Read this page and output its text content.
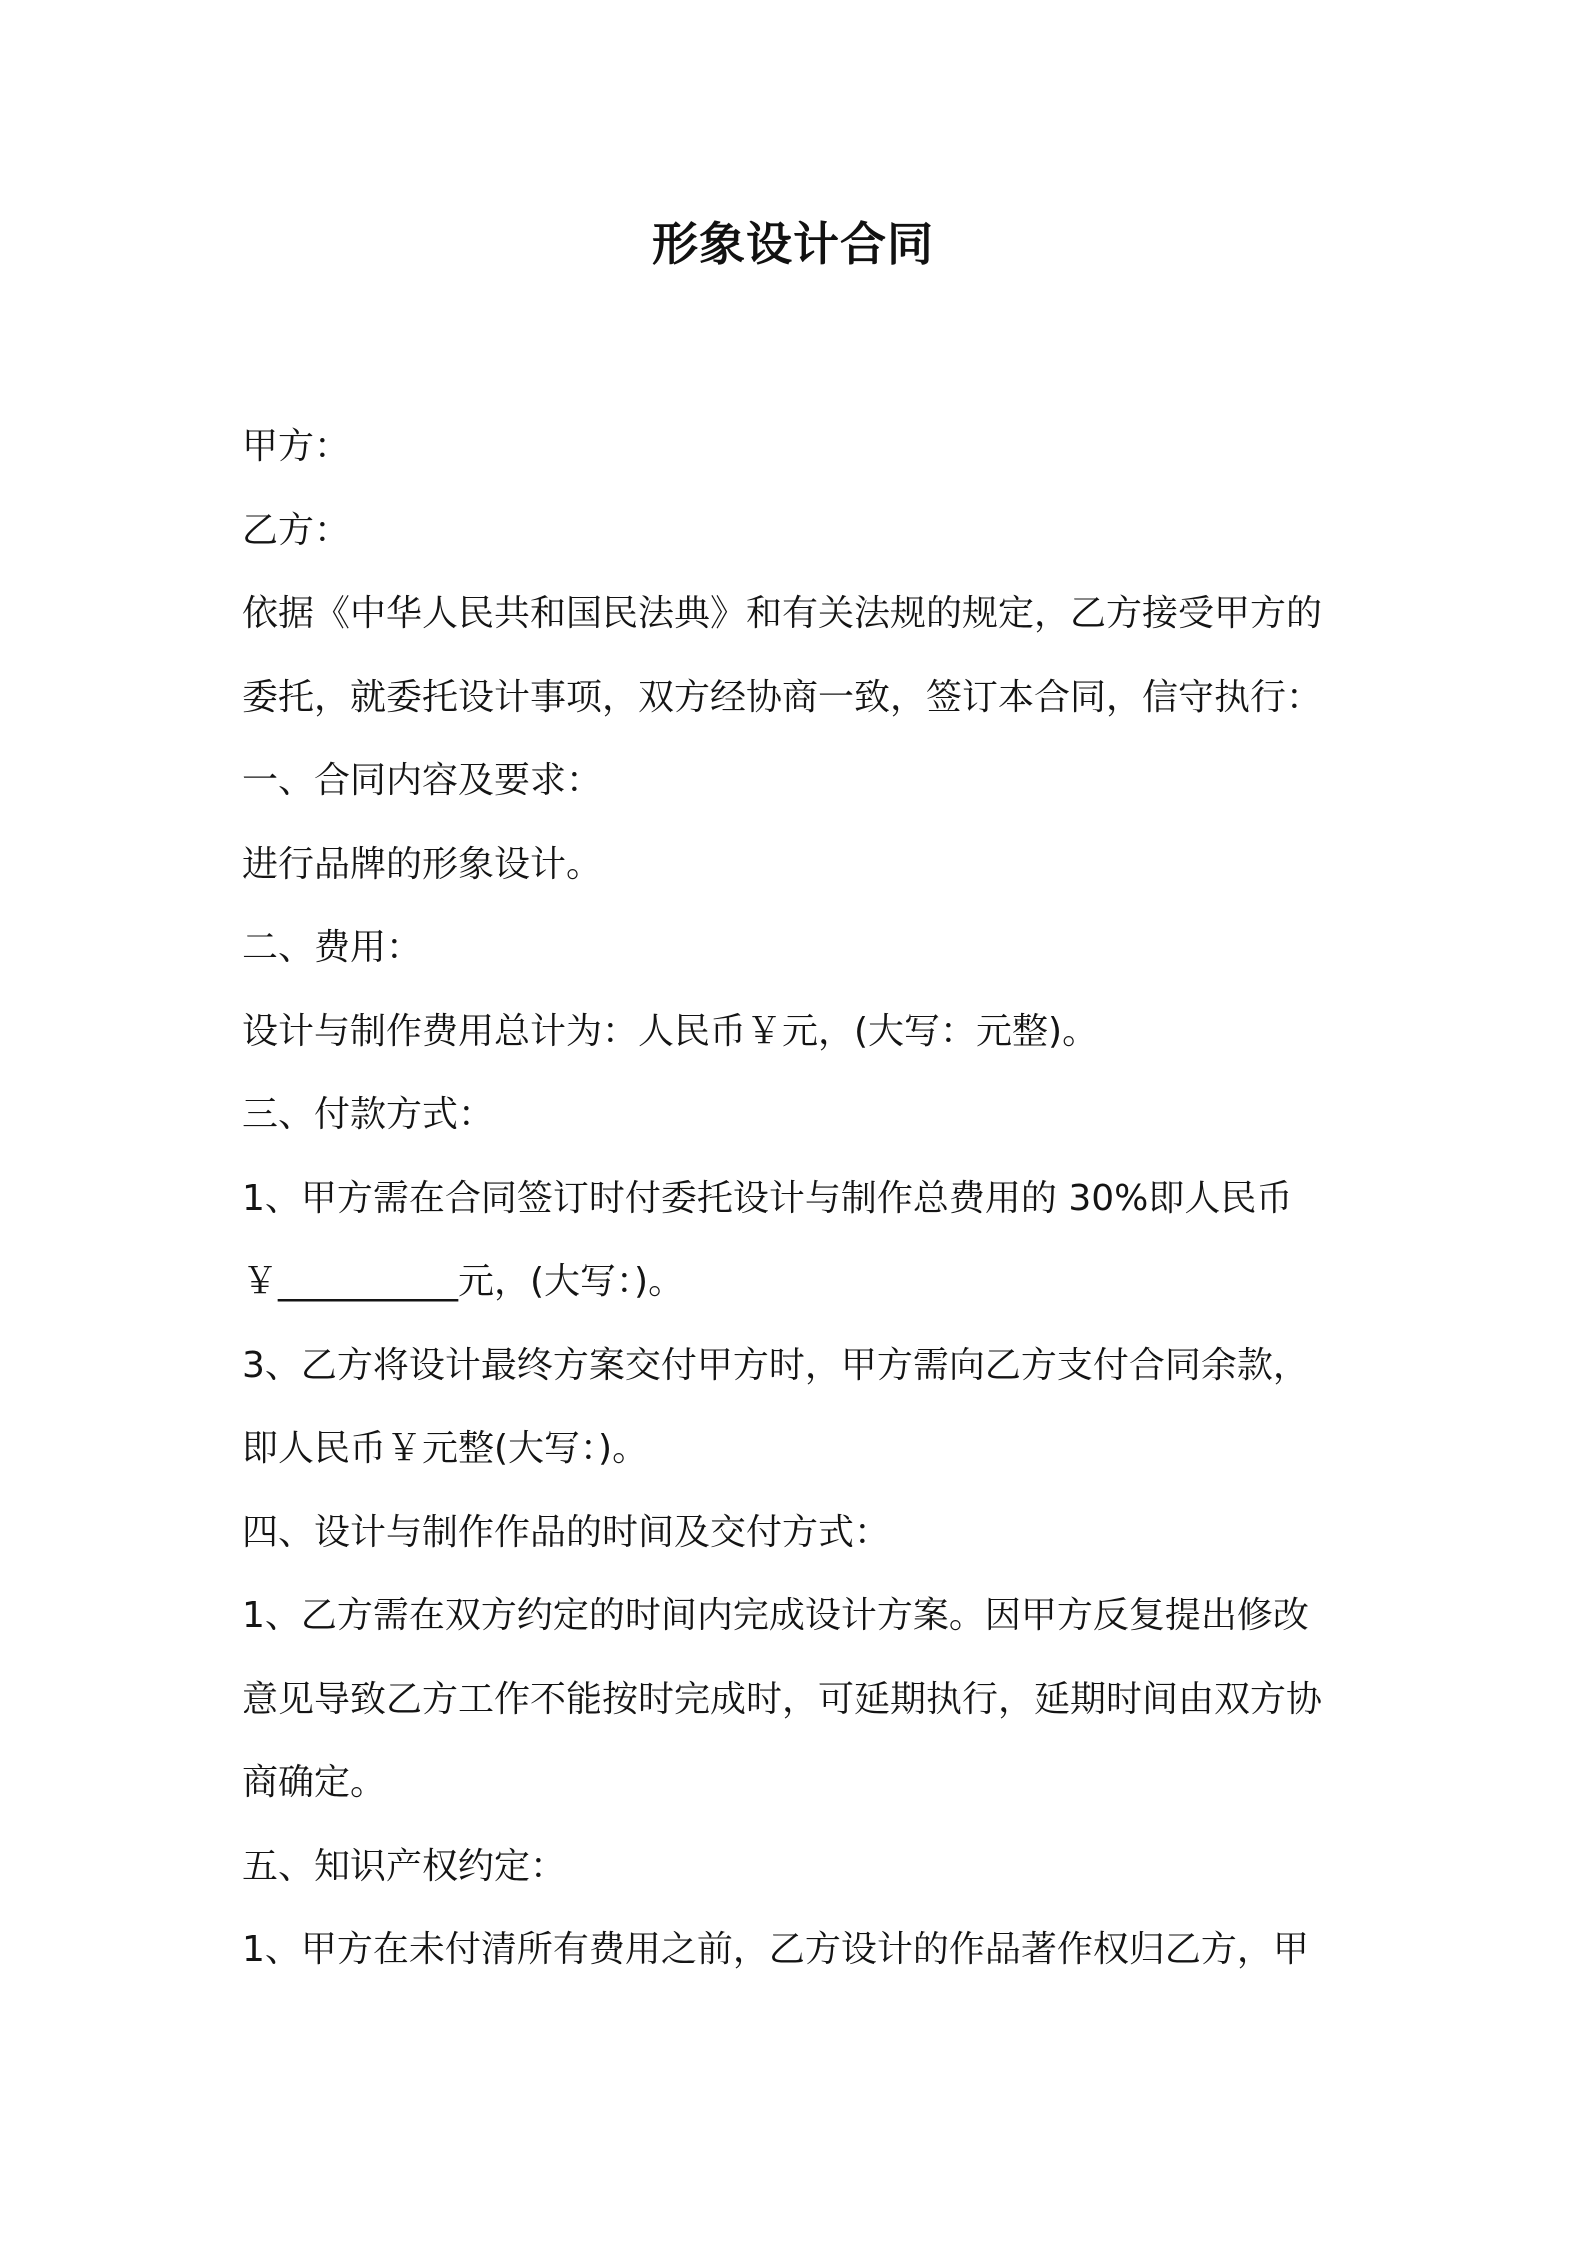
形象设计合同
甲方：
乙方：
依据《中华人民共和国民法典》和有关法规的规定，乙方接受甲方的
委托，就委托设计事项，双方经协商一致，签订本合同，信守执行：
一、合同内容及要求：
进行品牌的形象设计。
二、费用：
设计与制作费用总计为：人民币￥元，(大写：元整)。
三、付款方式：
1、甲方需在合同签订时付委托设计与制作总费用的 30%即人民币
￥__________元，(大写：)。
3、乙方将设计最终方案交付甲方时，甲方需向乙方支付合同余款，
即人民币￥元整(大写：)。
四、设计与制作作品的时间及交付方式：
1、乙方需在双方约定的时间内完成设计方案。因甲方反复提出修改
意见导致乙方工作不能按时完成时，可延期执行，延期时间由双方协
商确定。
五、知识产权约定：
1、甲方在未付清所有费用之前，乙方设计的作品著作权归乙方，甲
